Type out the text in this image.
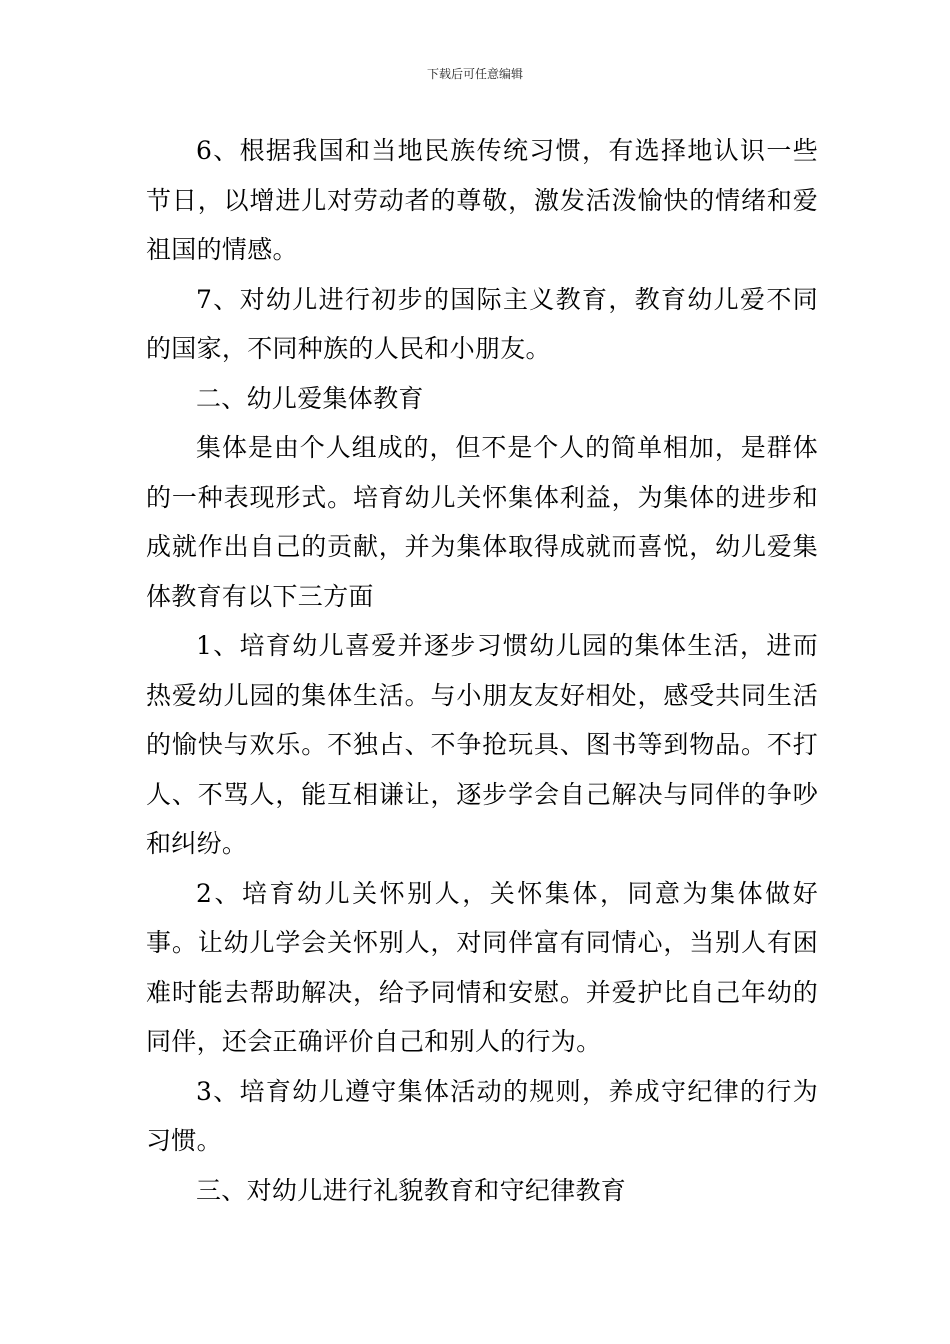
下载后可任意编辑

6、根据我国和当地民族传统习惯，有选择地认识一些节日，以增进儿对劳动者的尊敬，激发活泼愉快的情绪和爱祖国的情感。

7、对幼儿进行初步的国际主义教育，教育幼儿爱不同的国家，不同种族的人民和小朋友。

二、幼儿爱集体教育

集体是由个人组成的，但不是个人的简单相加，是群体的一种表现形式。培育幼儿关怀集体利益，为集体的进步和成就作出自己的贡献，并为集体取得成就而喜悦，幼儿爱集体教育有以下三方面

1、培育幼儿喜爱并逐步习惯幼儿园的集体生活，进而热爱幼儿园的集体生活。与小朋友友好相处，感受共同生活的愉快与欢乐。不独占、不争抢玩具、图书等到物品。不打人、不骂人，能互相谦让，逐步学会自己解决与同伴的争吵和纠纷。

2、培育幼儿关怀别人，关怀集体，同意为集体做好事。让幼儿学会关怀别人，对同伴富有同情心，当别人有困难时能去帮助解决，给予同情和安慰。并爱护比自己年幼的同伴，还会正确评价自己和别人的行为。

3、培育幼儿遵守集体活动的规则，养成守纪律的行为习惯。

三、对幼儿进行礼貌教育和守纪律教育
